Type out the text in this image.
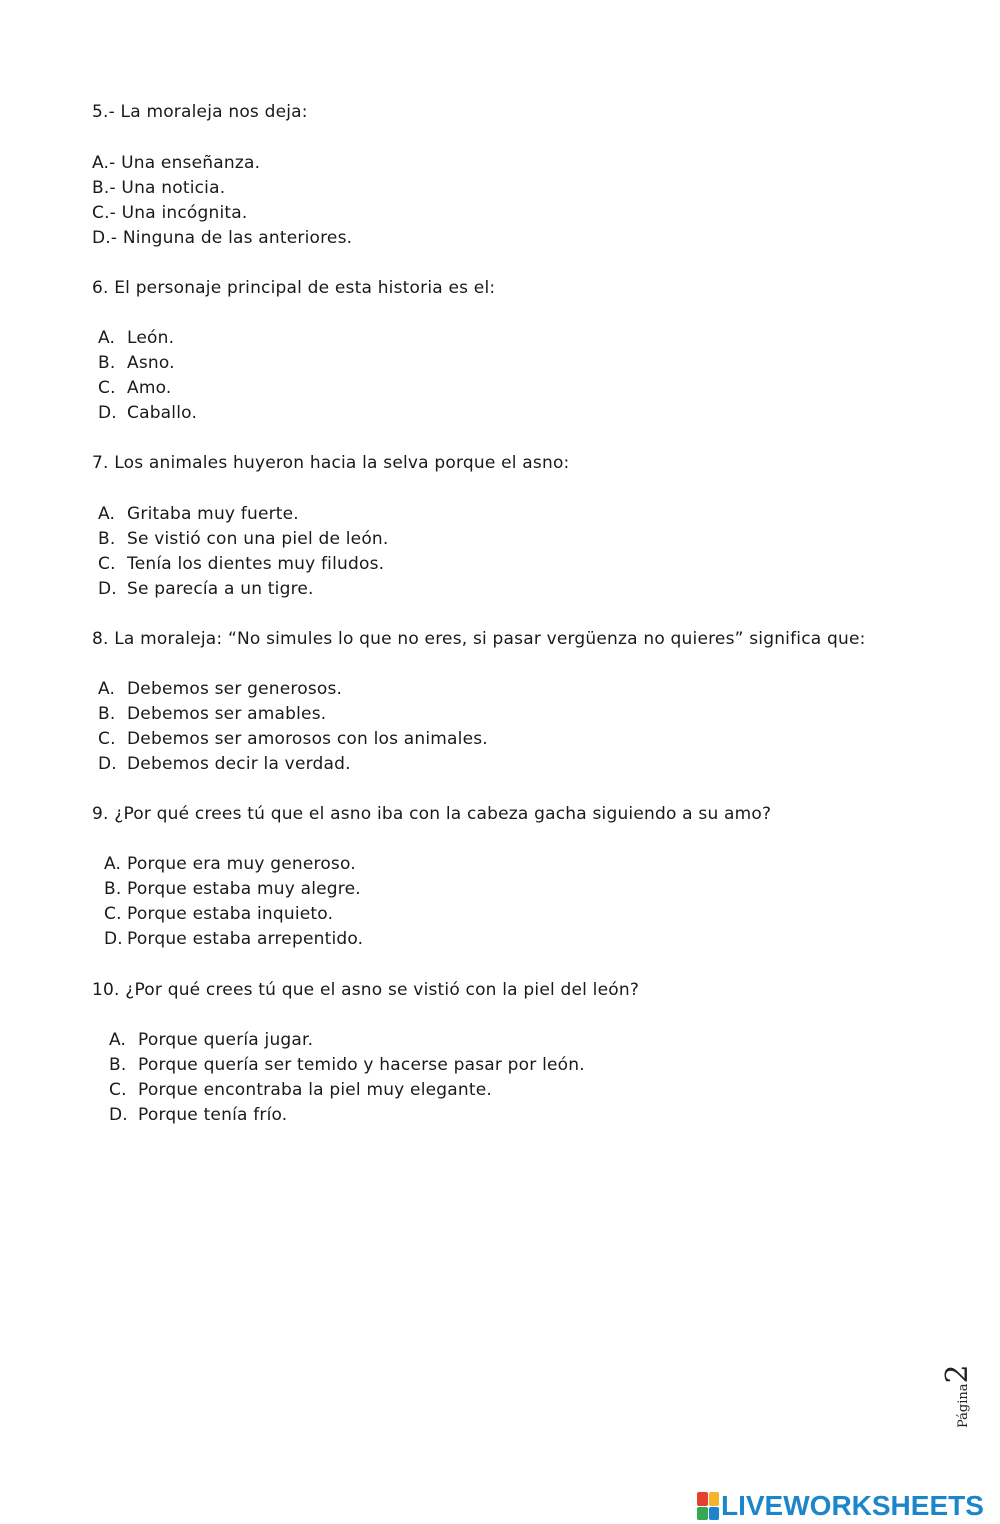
5.- La moraleja nos deja:
A.- Una enseñanza.
B.- Una noticia.
C.- Una incógnita.
D.- Ninguna de las anteriores.
6. El personaje principal de esta historia es el:
A. León.
B. Asno.
C. Amo.
D. Caballo.
7. Los animales huyeron hacia la selva porque el asno:
A. Gritaba muy fuerte.
B. Se vistió con una piel de león.
C. Tenía los dientes muy filudos.
D. Se parecía a un tigre.
8. La moraleja: “No simules lo que no eres, si pasar vergüenza no quieres” significa que:
A. Debemos ser generosos.
B. Debemos ser amables.
C. Debemos ser amorosos con los animales.
D. Debemos decir la verdad.
9. ¿Por qué crees tú que el asno iba con la cabeza gacha siguiendo a su amo?
A. Porque era muy generoso.
B. Porque estaba muy alegre.
C. Porque estaba inquieto.
D. Porque estaba arrepentido.
10. ¿Por qué crees tú que el asno se vistió con la piel del león?
A. Porque quería jugar.
B. Porque quería ser temido y hacerse pasar por león.
C. Porque encontraba la piel muy elegante.
D. Porque tenía frío.
Página2
LIVEWORKSHEETS
